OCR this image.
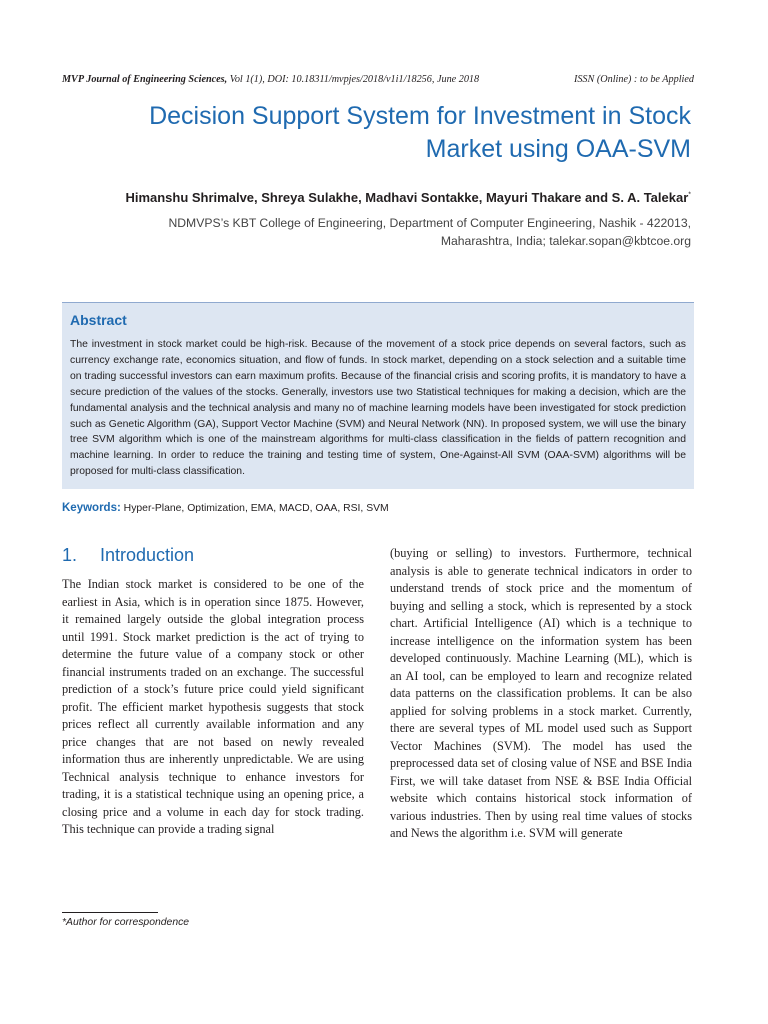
MVP Journal of Engineering Sciences, Vol 1(1), DOI: 10.18311/mvpjes/2018/v1i1/18256, June 2018	ISSN (Online) : to be Applied
Decision Support System for Investment in Stock
Market using OAA-SVM
Himanshu Shrimalve, Shreya Sulakhe, Madhavi Sontakke, Mayuri Thakare and S. A. Talekar*
NDMVPS’s KBT College of Engineering, Department of Computer Engineering, Nashik - 422013,
Maharashtra, India; talekar.sopan@kbtcoe.org
Abstract
The investment in stock market could be high-risk. Because of the movement of a stock price depends on several factors, such as currency exchange rate, economics situation, and flow of funds. In stock market, depending on a stock selection and a suitable time on trading successful investors can earn maximum profits. Because of the financial crisis and scoring profits, it is mandatory to have a secure prediction of the values of the stocks. Generally, investors use two Statistical techniques for making a decision, which are the fundamental analysis and the technical analysis and many no of machine learning models have been investigated for stock prediction such as Genetic Algorithm (GA), Support Vector Machine (SVM) and Neural Network (NN). In proposed system, we will use the binary tree SVM algorithm which is one of the mainstream algorithms for multi-class classification in the fields of pattern recognition and machine learning. In order to reduce the training and testing time of system, One-Against-All SVM (OAA-SVM) algorithms will be proposed for multi-class classification.
Keywords: Hyper-Plane, Optimization, EMA, MACD, OAA, RSI, SVM
1. Introduction

The Indian stock market is considered to be one of the earliest in Asia, which is in operation since 1875. However, it remained largely outside the global integration process until 1991. Stock market prediction is the act of trying to determine the future value of a company stock or other financial instruments traded on an exchange. The successful prediction of a stock’s future price could yield significant profit. The efficient market hypothesis suggests that stock prices reflect all currently available information and any price changes that are not based on newly revealed information thus are inherently unpredictable. We are using Technical analysis technique to enhance investors for trading, it is a statistical technique using an opening price, a closing price and a volume in each day for stock trading. This technique can provide a trading signal

(buying or selling) to investors. Furthermore, technical analysis is able to generate technical indicators in order to understand trends of stock price and the momentum of buying and selling a stock, which is represented by a stock chart. Artificial Intelligence (AI) which is a technique to increase intelligence on the information system has been developed continuously. Machine Learning (ML), which is an AI tool, can be employed to learn and recognize related data patterns on the classification problems. It can be also applied for solving problems in a stock market. Currently, there are several types of ML model used such as Support Vector Machines (SVM). The model has used the preprocessed data set of closing value of NSE and BSE India First, we will take dataset from NSE & BSE India Official website which contains historical stock information of various industries. Then by using real time values of stocks and News the algorithm i.e. SVM will generate

*Author for correspondence
